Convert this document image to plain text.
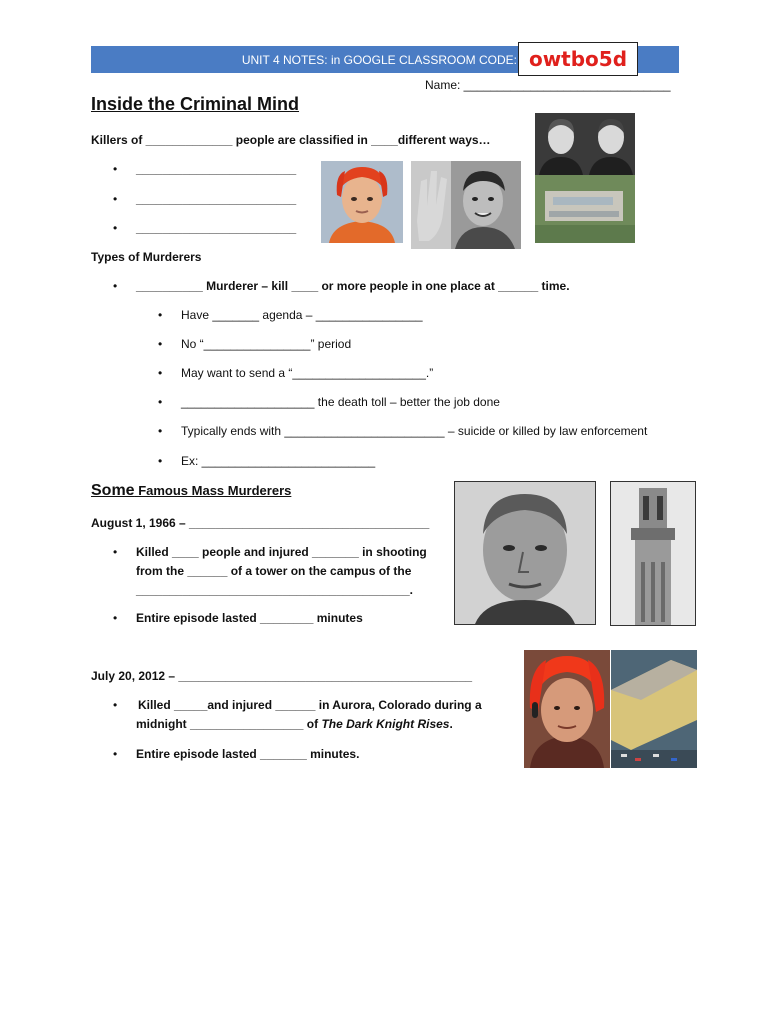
UNIT 4 NOTES: in GOOGLE CLASSROOM CODE: owtbo5d
Name: _______________________________
Inside the Criminal Mind
Killers of _____________ people are classified in ____different ways…
• ________________________
• ________________________
• ________________________
Types of Murderers
• __________ Murderer – kill ____ or more people in one place at ______ time.
• Have _______ agenda – ________________
• No “________________” period
• May want to send a “____________________.”
• ____________________ the death toll – better the job done
• Typically ends with ________________________ – suicide or killed by law enforcement
• Ex: __________________________
Some Famous Mass Murderers
August 1, 1966 – ____________________________________
• Killed ____ people and injured _______ in shooting
from the ______ of a tower on the campus of the
_________________________________________.
• Entire episode lasted ________ minutes
July 20, 2012 – ____________________________________________
• Killed _____and injured ______ in Aurora, Colorado during a
midnight _________________ of The Dark Knight Rises.
• Entire episode lasted _______ minutes.
